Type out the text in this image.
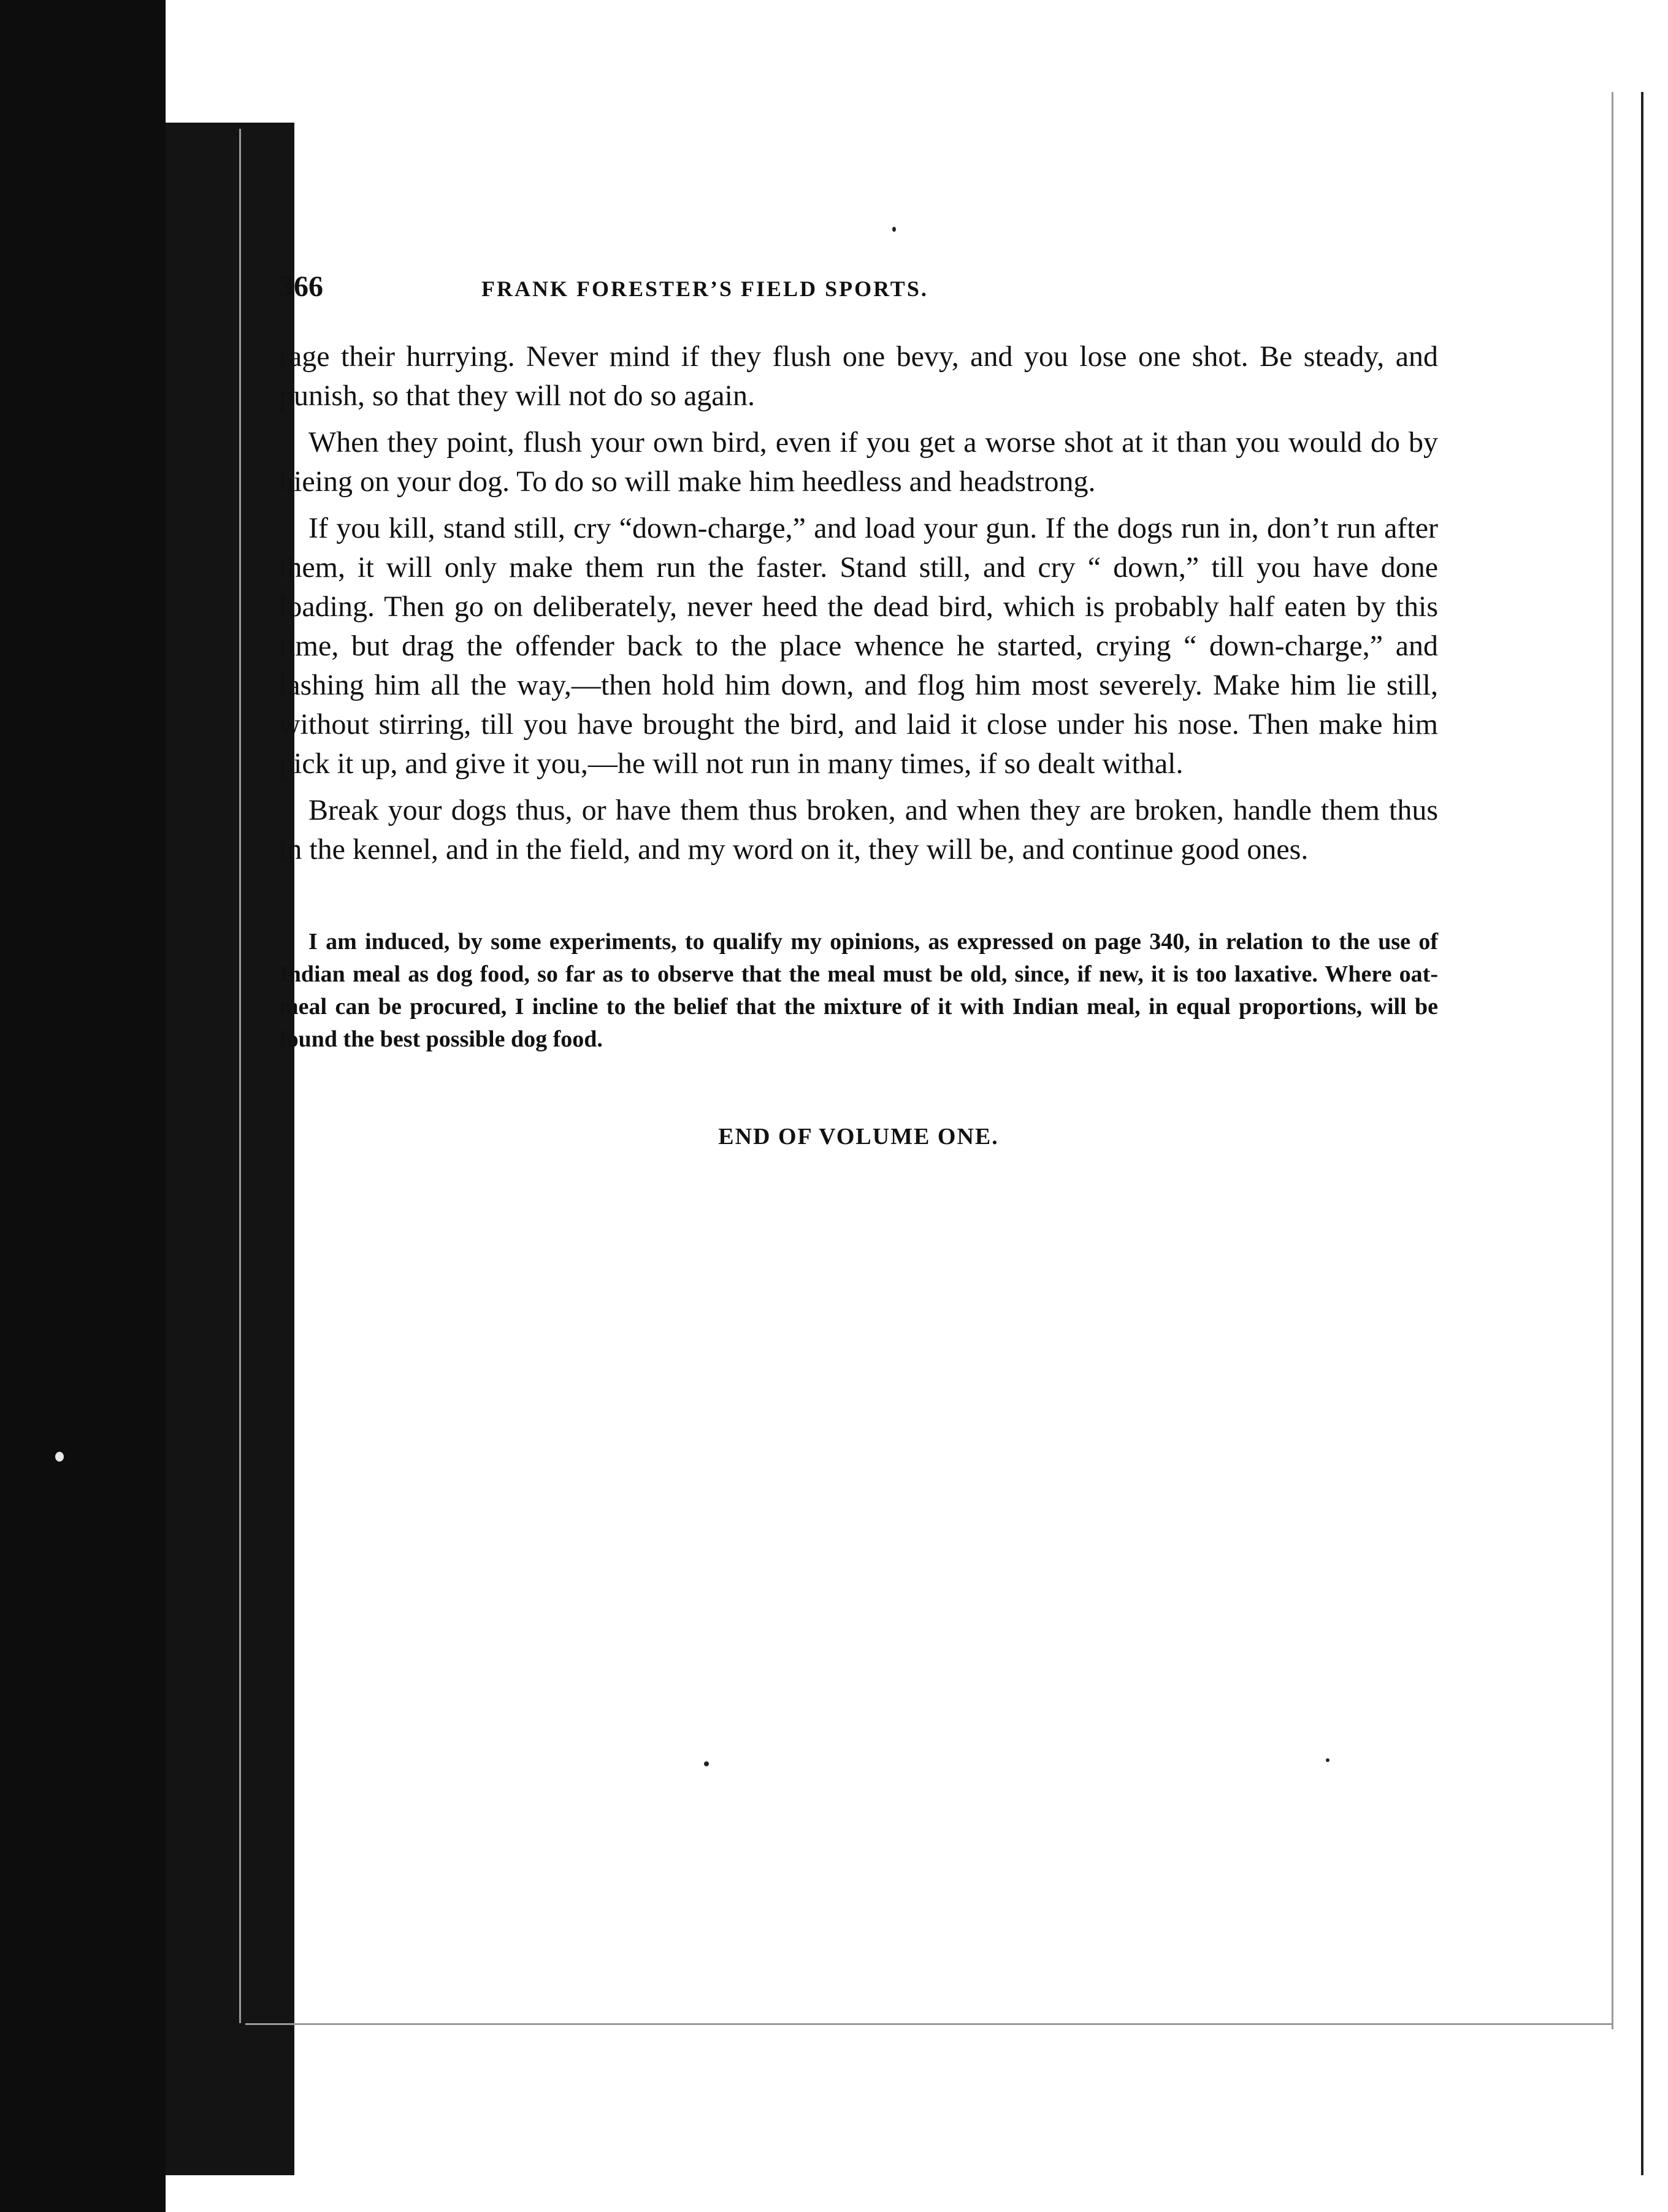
366	FRANK FORESTER’S FIELD SPORTS.

rage their hurrying. Never mind if they flush one bevy, and you lose one shot. Be steady, and punish, so that they will not do so again.

When they point, flush your own bird, even if you get a worse shot at it than you would do by hieing on your dog. To do so will make him heedless and headstrong.

If you kill, stand still, cry “down-charge,” and load your gun. If the dogs run in, don’t run after them, it will only make them run the faster. Stand still, and cry “ down,” till you have done loading. Then go on deliberately, never heed the dead bird, which is probably half eaten by this time, but drag the offender back to the place whence he started, crying “ down-charge,” and lashing him all the way,—then hold him down, and flog him most severely. Make him lie still, without stirring, till you have brought the bird, and laid it close under his nose. Then make him pick it up, and give it you,—he will not run in many times, if so dealt withal.

Break your dogs thus, or have them thus broken, and when they are broken, handle them thus in the kennel, and in the field, and my word on it, they will be, and continue good ones.

I am induced, by some experiments, to qualify my opinions, as expressed on page 340, in relation to the use of Indian meal as dog food, so far as to observe that the meal must be old, since, if new, it is too laxative. Where oat-meal can be procured, I incline to the belief that the mixture of it with Indian meal, in equal proportions, will be found the best possible dog food.

END OF VOLUME ONE.
